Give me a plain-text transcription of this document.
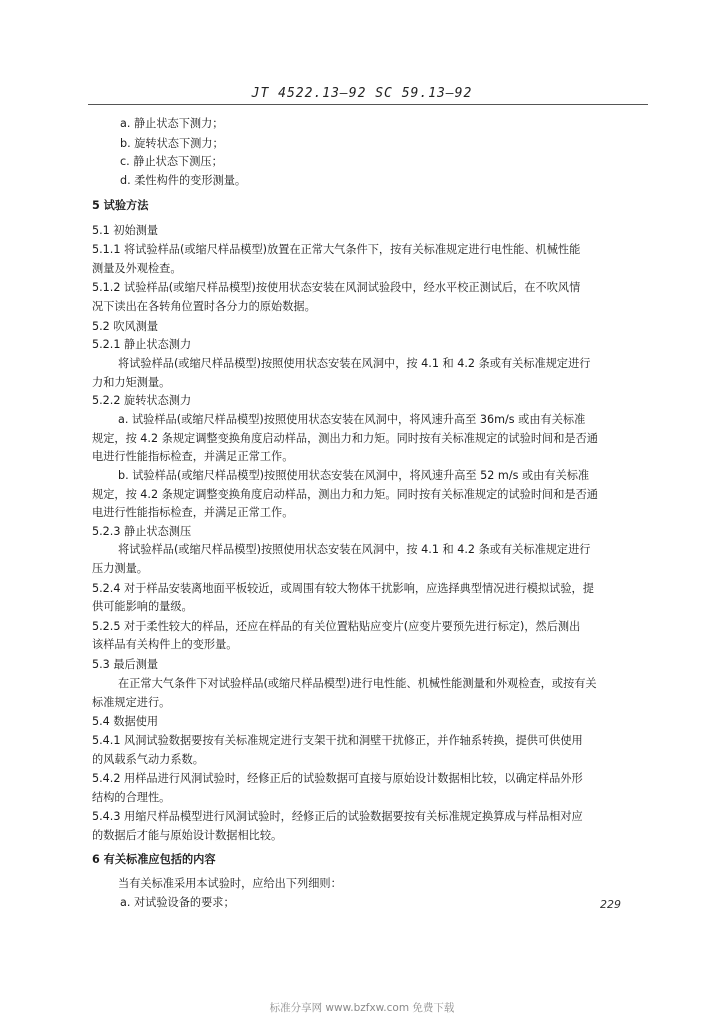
JT 4522.13—92 SC 59.13—92
a. 静止状态下测力；
b. 旋转状态下测力；
c. 静止状态下测压；
d. 柔性构件的变形测量。
5 试验方法
5.1 初始测量
5.1.1 将试验样品(或缩尺样品模型)放置在正常大气条件下，按有关标准规定进行电性能、机械性能
测量及外观检查。
5.1.2 试验样品(或缩尺样品模型)按使用状态安装在风洞试验段中，经水平校正测试后，在不吹风情
况下读出在各转角位置时各分力的原始数据。
5.2 吹风测量
5.2.1 静止状态测力
将试验样品(或缩尺样品模型)按照使用状态安装在风洞中，按 4.1 和 4.2 条或有关标准规定进行
力和力矩测量。
5.2.2 旋转状态测力
a. 试验样品(或缩尺样品模型)按照使用状态安装在风洞中，将风速升高至 36m/s 或由有关标准
规定，按 4.2 条规定调整变换角度启动样品，测出力和力矩。同时按有关标准规定的试验时间和是否通
电进行性能指标检查，并满足正常工作。
b. 试验样品(或缩尺样品模型)按照使用状态安装在风洞中，将风速升高至 52 m/s 或由有关标准
规定，按 4.2 条规定调整变换角度启动样品，测出力和力矩。同时按有关标准规定的试验时间和是否通
电进行性能指标检查，并满足正常工作。
5.2.3 静止状态测压
将试验样品(或缩尺样品模型)按照使用状态安装在风洞中，按 4.1 和 4.2 条或有关标准规定进行
压力测量。
5.2.4 对于样品安装离地面平板较近，或周围有较大物体干扰影响，应选择典型情况进行模拟试验，提
供可能影响的量级。
5.2.5 对于柔性较大的样品，还应在样品的有关位置粘贴应变片(应变片要预先进行标定)，然后测出
该样品有关构件上的变形量。
5.3 最后测量
在正常大气条件下对试验样品(或缩尺样品模型)进行电性能、机械性能测量和外观检查，或按有关
标准规定进行。
5.4 数据使用
5.4.1 风洞试验数据要按有关标准规定进行支架干扰和洞壁干扰修正，并作轴系转换，提供可供使用
的风载系气动力系数。
5.4.2 用样品进行风洞试验时，经修正后的试验数据可直接与原始设计数据相比较，以确定样品外形
结构的合理性。
5.4.3 用缩尺样品模型进行风洞试验时，经修正后的试验数据要按有关标准规定换算成与样品相对应
的数据后才能与原始设计数据相比较。
6 有关标准应包括的内容
当有关标准采用本试验时，应给出下列细则：
a. 对试验设备的要求；	229
标准分享网 www.bzfxw.com 免费下载
